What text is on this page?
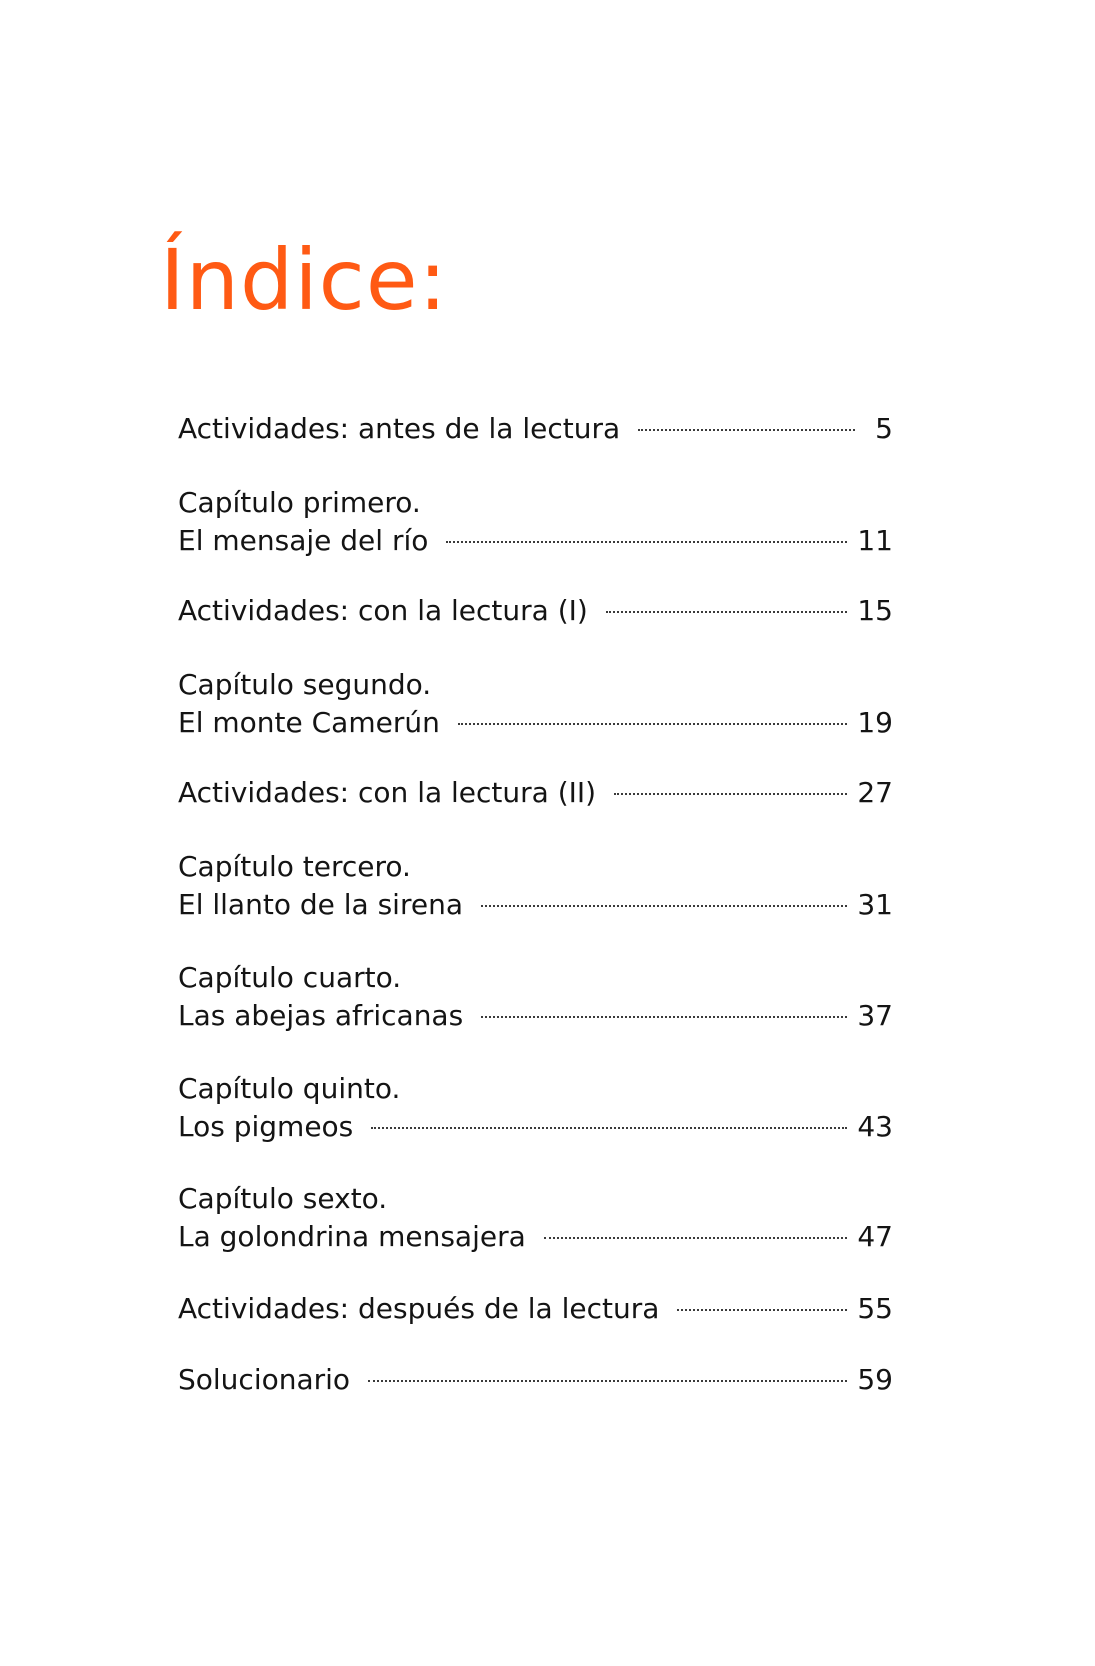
Índice:
Actividades: antes de la lectura	5
Capítulo primero.
El mensaje del río	11
Actividades: con la lectura (I)	15
Capítulo segundo.
El monte Camerún	19
Actividades: con la lectura (II)	27
Capítulo tercero.
El llanto de la sirena	31
Capítulo cuarto.
Las abejas africanas	37
Capítulo quinto.
Los pigmeos	43
Capítulo sexto.
La golondrina mensajera	47
Actividades: después de la lectura	55
Solucionario	59
